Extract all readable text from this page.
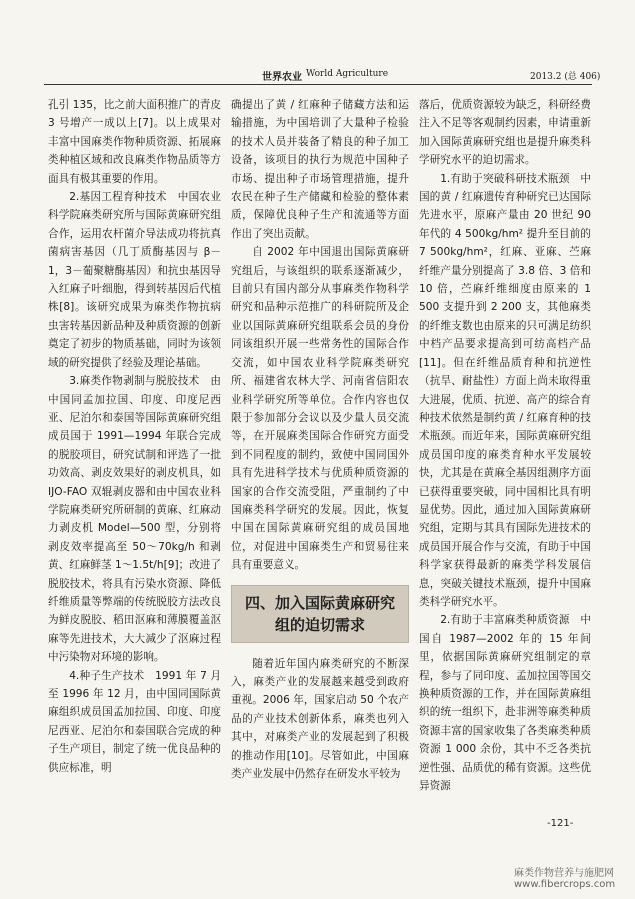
世界农业 World Agriculture	2013.2 (总 406)

孔引 135，比之前大面积推广的青皮 3 号增产一成以上[7]。以上成果对丰富中国麻类作物种质资源、拓展麻类种植区域和改良麻类作物品质等方面具有极其重要的作用。

2.基因工程育种技术　中国农业科学院麻类研究所与国际黄麻研究组合作，运用农杆菌介导法成功将抗真菌病害基因（几丁质酶基因与 β－1，3－葡聚糖酶基因）和抗虫基因导入红麻子叶细胞，得到转基因后代植株[8]。该研究成果为麻类作物抗病虫害转基因新品种及种质资源的创新奠定了初步的物质基础，同时为该领域的研究提供了经验及理论基础。

3.麻类作物剥制与脱胶技术　由中国同孟加拉国、印度、印度尼西亚、尼泊尔和泰国等国际黄麻研究组成员国于 1991—1994 年联合完成的脱胶项目，研究试制和评选了一批功效高、剥皮效果好的剥皮机具，如 IJO-FAO 双辊剥皮器和由中国农业科学院麻类研究所研制的黄麻、红麻动力剥皮机 Model—500 型，分别将剥皮效率提高至 50～70kg/h 和剥黄、红麻鲜茎 1～1.5t/h[9]；改进了脱胶技术，将具有污染水资源、降低纤维质量等弊端的传统脱胶方法改良为鲜皮脱胶、稻田沤麻和薄膜覆盖沤麻等先进技术，大大减少了沤麻过程中污染物对环境的影响。

4.种子生产技术　1991 年 7 月至 1996 年 12 月，由中国同国际黄麻组织成员国孟加拉国、印度、印度尼西亚、尼泊尔和泰国联合完成的种子生产项目，制定了统一优良品种的供应标准，明

确提出了黄 / 红麻种子储藏方法和运输措施，为中国培训了大量种子检验的技术人员并装备了精良的种子加工设备，该项目的执行为规范中国种子市场、提出种子市场管理措施，提升农民在种子生产储藏和检验的整体素质，保障优良种子生产和流通等方面作出了突出贡献。

自 2002 年中国退出国际黄麻研究组后，与该组织的联系逐渐减少，目前只有国内部分从事麻类作物科学研究和品种示范推广的科研院所及企业以国际黄麻研究组联系会员的身份同该组织开展一些常务性的国际合作交流，如中国农业科学院麻类研究所、福建省农林大学、河南省信阳农业科学研究所等单位。合作内容也仅限于参加部分会议以及少量人员交流等，在开展麻类国际合作研究方面受到不同程度的制约，致使中国同国外具有先进科学技术与优质种质资源的国家的合作交流受阻，严重制约了中国麻类科学研究的发展。因此，恢复中国在国际黄麻研究组的成员国地位，对促进中国麻类生产和贸易往来具有重要意义。

四、加入国际黄麻研究组的迫切需求

随着近年国内麻类研究的不断深入，麻类产业的发展越来越受到政府重视。2006 年，国家启动 50 个农产品的产业技术创新体系，麻类也列入其中，对麻类产业的发展起到了积极的推动作用[10]。尽管如此，中国麻类产业发展中仍然存在研发水平较为

落后，优质资源较为缺乏，科研经费注入不足等客观制约因素，申请重新加入国际黄麻研究组也是提升麻类科学研究水平的迫切需求。

1.有助于突破科研技术瓶颈　中国的黄 / 红麻遗传育种研究已达国际先进水平，原麻产量由 20 世纪 90 年代的 4 500kg/hm² 提升至目前的 7 500kg/hm²，红麻、亚麻、苎麻纤维产量分别提高了 3.8 倍、3 倍和 10 倍，苎麻纤维细度由原来的 1 500 支提升到 2 200 支，其他麻类的纤维支数也由原来的只可满足纺织中档产品要求提高到可纺高档产品[11]。但在纤维品质育种和抗逆性（抗旱、耐盐性）方面上尚未取得重大进展，优质、抗逆、高产的综合育种技术依然是制约黄 / 红麻育种的技术瓶颈。而近年来，国际黄麻研究组成员国印度的麻类育种水平发展较快，尤其是在黄麻全基因组测序方面已获得重要突破，同中国相比具有明显优势。因此，通过加入国际黄麻研究组，定期与其具有国际先进技术的成员国开展合作与交流，有助于中国科学家获得最新的麻类学科发展信息，突破关键技术瓶颈，提升中国麻类科学研究水平。

2.有助于丰富麻类种质资源　中国自 1987—2002 年的 15 年间里，依据国际黄麻研究组制定的章程，参与了同印度、孟加拉国等国交换种质资源的工作，并在国际黄麻组织的统一组织下，赴非洲等麻类种质资源丰富的国家收集了各类麻类种质资源 1 000 余份，其中不乏各类抗逆性强、品质优的稀有资源。这些优异资源

-121-
麻类作物营养与施肥网
www.fibercrops.com
